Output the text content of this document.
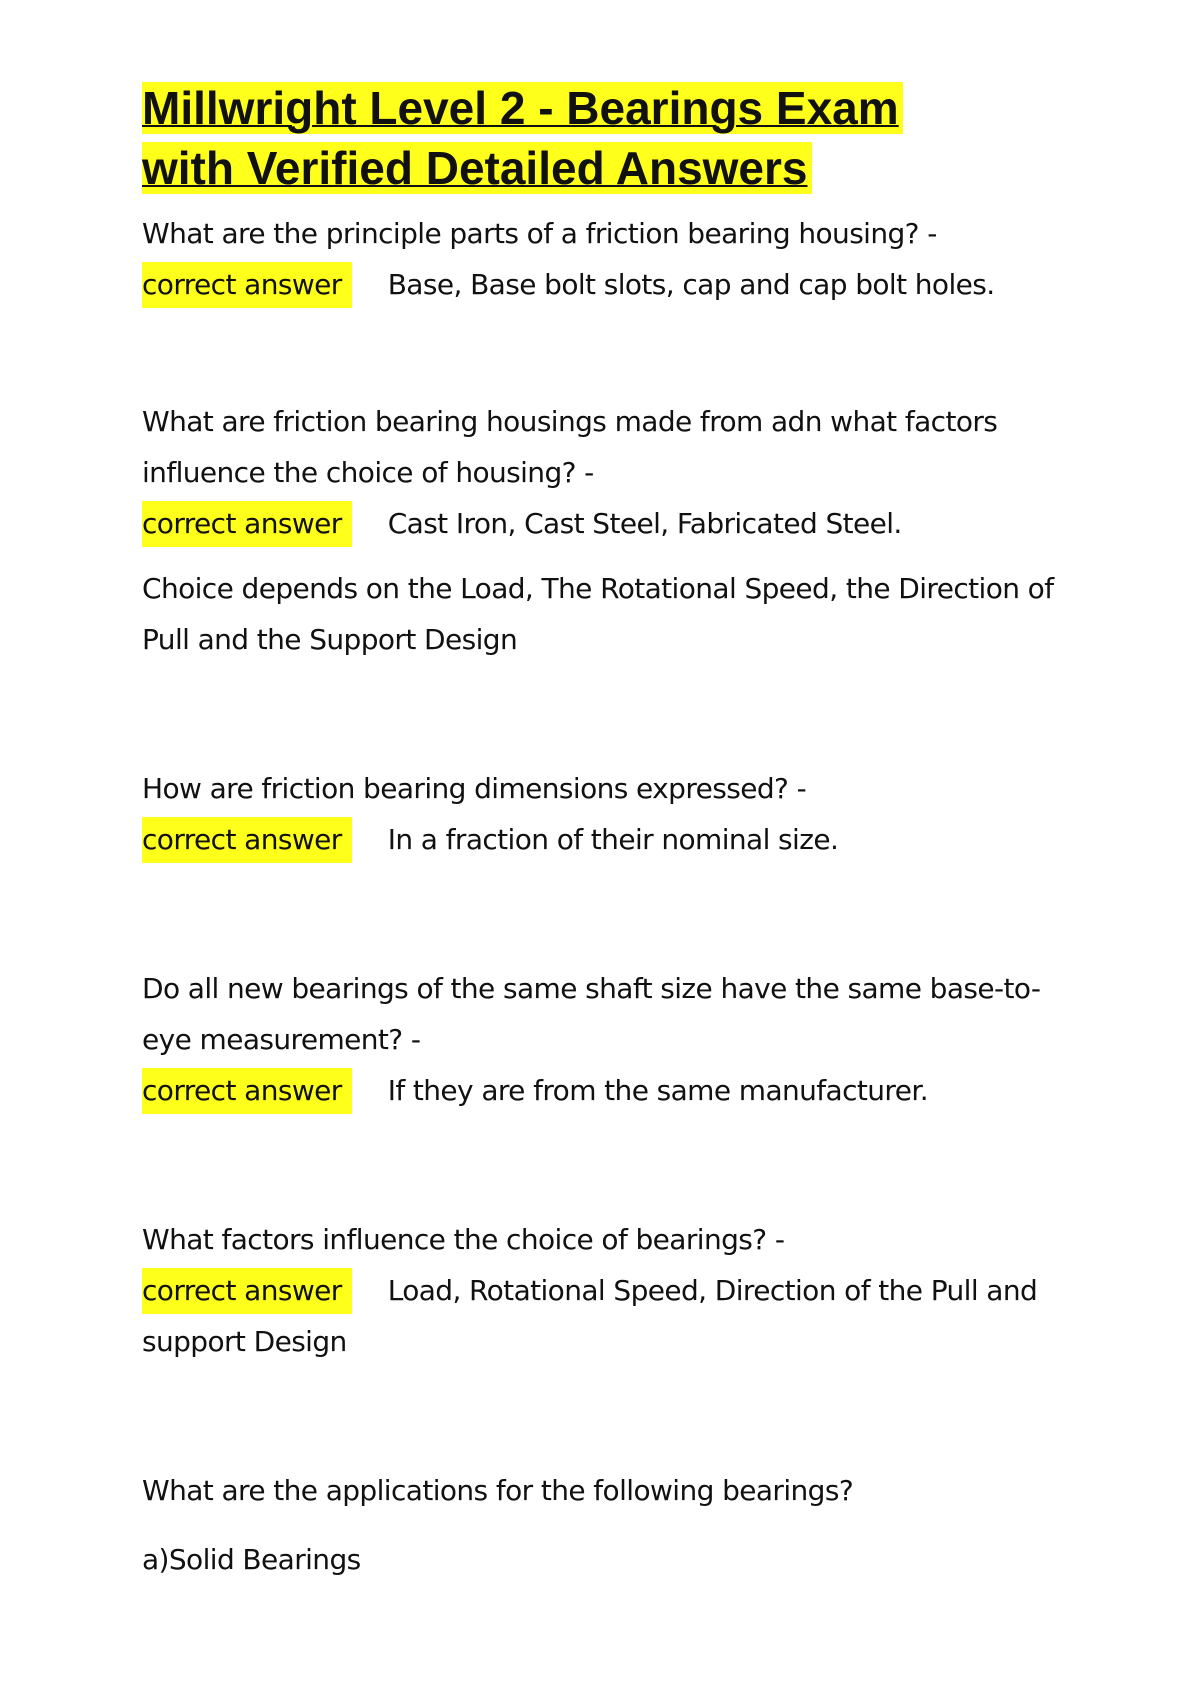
Millwright Level 2 - Bearings Exam
with Verified Detailed Answers

What are the principle parts of a friction bearing housing? -

correct answer Base, Base bolt slots, cap and cap bolt holes.

What are friction bearing housings made from adn what factors influence the choice of housing? -

correct answer Cast Iron, Cast Steel, Fabricated Steel.

Choice depends on the Load, The Rotational Speed, the Direction of Pull and the Support Design

How are friction bearing dimensions expressed? -

correct answer In a fraction of their nominal size.

Do all new bearings of the same shaft size have the same base-to-eye measurement? -

correct answer If they are from the same manufacturer.

What factors influence the choice of bearings? -

correct answer Load, Rotational Speed, Direction of the Pull and support Design

What are the applications for the following bearings?

a)Solid Bearings
